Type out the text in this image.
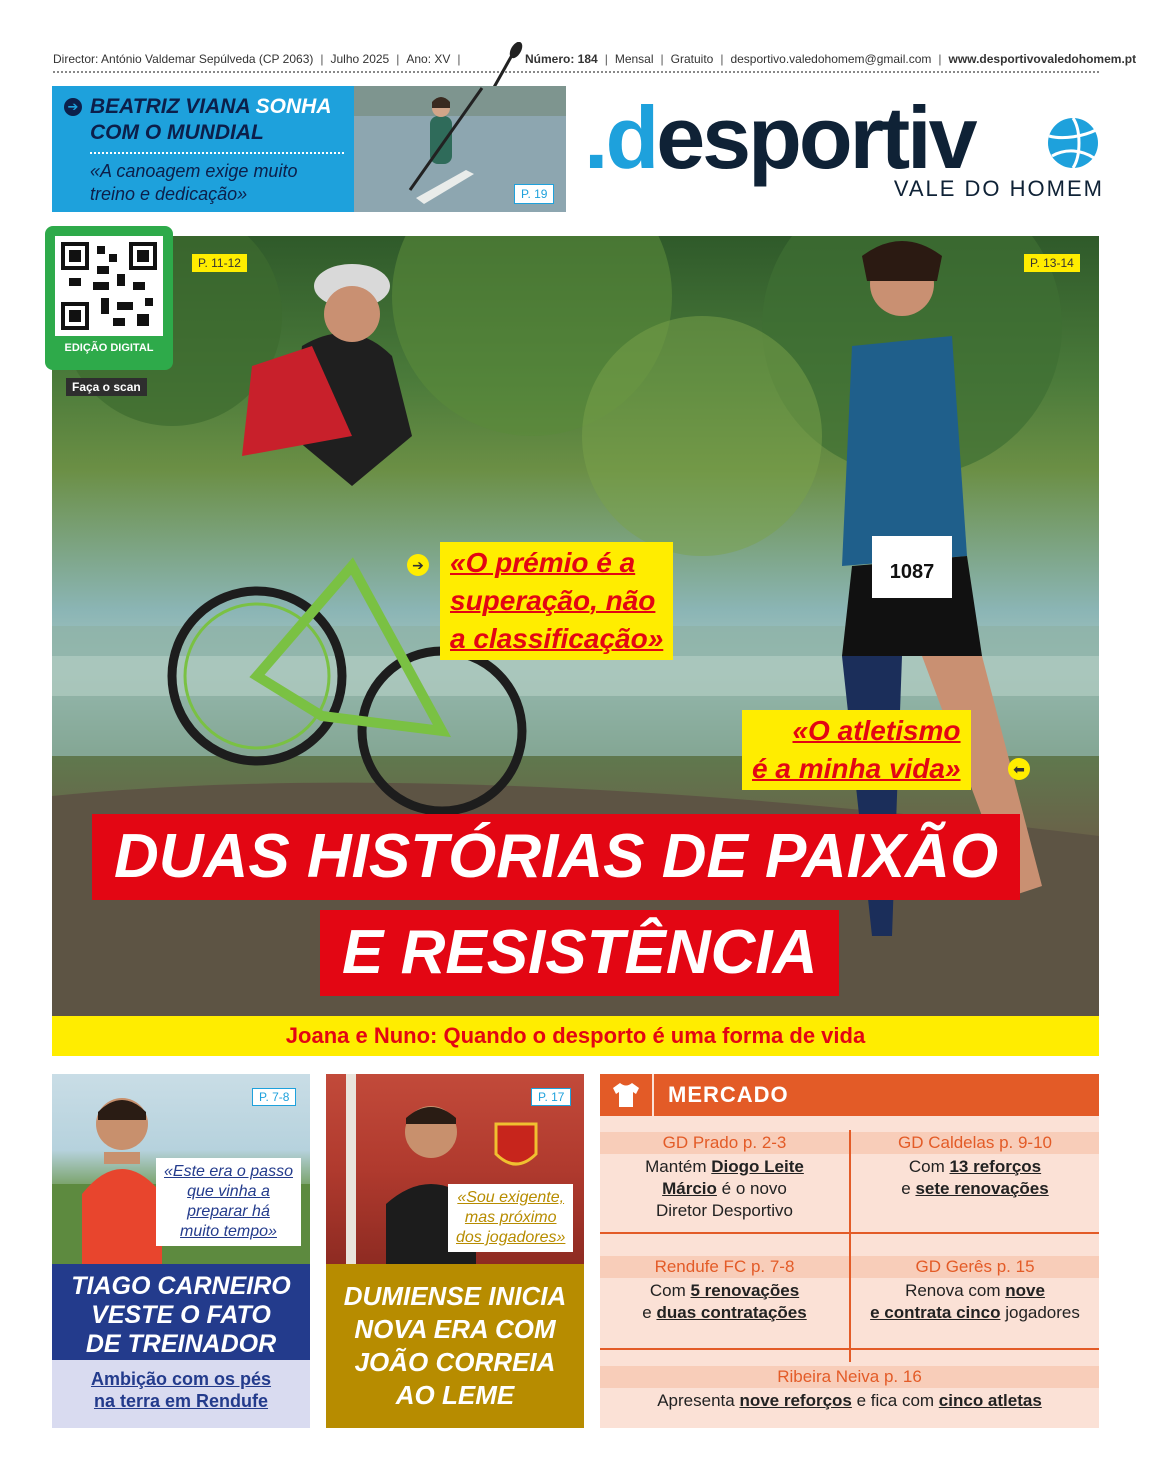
Director: António Valdemar Sepúlveda (CP 2063) | Julho 2025 | Ano: XV |	Número: 184 | Mensal | Gratuito | desportivo.valedohomem@gmail.com | www.desportivovaledohomem.pt
➔ BEATRIZ VIANA SONHA
COM O MUNDIAL
«A canoagem exige muito treino e dedicação»	P. 19
.desportiv
VALE DO HOMEM
1087
P. 11-12	P. 13-14
➔ «O prémio é a
superação, não
a classificação»
«O atletismo
é a minha vida»	⬅
DUAS HISTÓRIAS DE PAIXÃO
E RESISTÊNCIA
EDIÇÃO DIGITAL
Faça o scan
Joana e Nuno: Quando o desporto é uma forma de vida
P. 7-8
«Este era o passo
que vinha a
preparar há
muito tempo»
TIAGO CARNEIRO
VESTE O FATO
DE TREINADOR
Ambição com os pés
na terra em Rendufe
P. 17
«Sou exigente,
mas próximo
dos jogadores»
DUMIENSE INICIA
NOVA ERA COM
JOÃO CORREIA
AO LEME
MERCADO
GD Prado p. 2-3
Mantém Diogo Leite
Márcio é o novo
Diretor Desportivo
GD Caldelas p. 9-10
Com 13 reforços
e sete renovações
Rendufe FC p. 7-8
Com 5 renovações
e duas contratações
GD Gerês p. 15
Renova com nove
e contrata cinco jogadores
Ribeira Neiva p. 16
Apresenta nove reforços e fica com cinco atletas
